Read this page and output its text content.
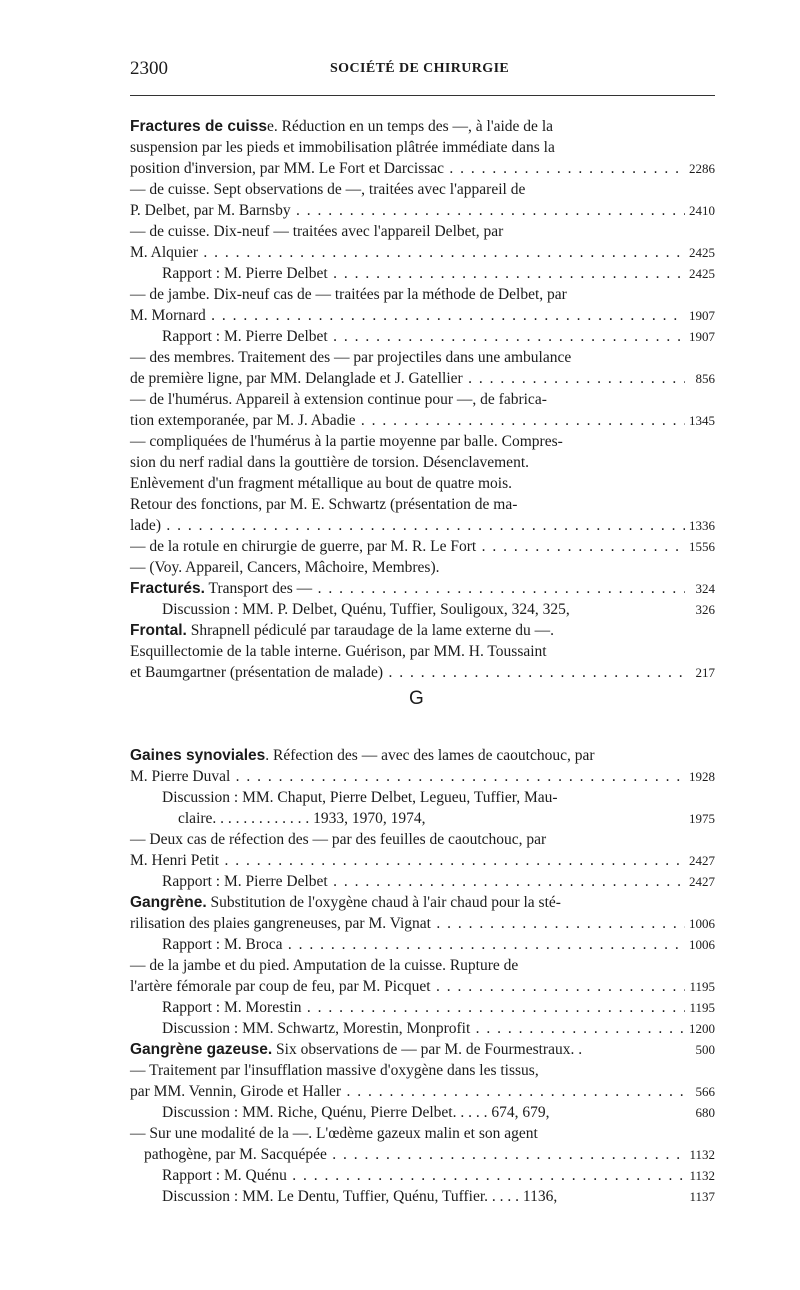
2300	SOCIÉTÉ DE CHIRURGIE
Fractures de cuisse. Réduction en un temps des —, à l'aide de la
suspension par les pieds et immobilisation plâtrée immédiate dans la
position d'inversion, par MM. Le Fort et Darcissac . . .	2286
— de cuisse. Sept observations de —, traitées avec l'appareil de
P. Delbet, par M. Barnsby . . .	2410
— de cuisse. Dix-neuf — traitées avec l'appareil Delbet, par
M. Alquier . . .	2425
Rapport : M. Pierre Delbet . . .	2425
— de jambe. Dix-neuf cas de — traitées par la méthode de Delbet, par
M. Mornard . . .	1907
Rapport : M. Pierre Delbet . . .	1907
— des membres. Traitement des — par projectiles dans une ambulance
de première ligne, par MM. Delanglade et J. Gatellier . . .	856
— de l'humérus. Appareil à extension continue pour —, de fabrica-
tion extemporanée, par M. J. Abadie . . .	1345
— compliquées de l'humérus à la partie moyenne par balle. Compres-
sion du nerf radial dans la gouttière de torsion. Désenclavement.
Enlèvement d'un fragment métallique au bout de quatre mois.
Retour des fonctions, par M. E. Schwartz (présentation de ma-
lade) . . .	1336
— de la rotule en chirurgie de guerre, par M. R. Le Fort . . .	1556
— (Voy. Appareil, Cancers, Mâchoire, Membres).
Fracturés. Transport des — . . .	324
Discussion : MM. P. Delbet, Quénu, Tuffier, Souligoux, 324, 325,	326
Frontal. Shrapnell pédiculé par taraudage de la lame externe du —.
Esquillectomie de la table interne. Guérison, par MM. H. Toussaint
et Baumgartner (présentation de malade) . . .	217
G
Gaines synoviales. Réfection des — avec des lames de caoutchouc, par
M. Pierre Duval . . .	1928
Discussion : MM. Chaput, Pierre Delbet, Legueu, Tuffier, Mau-
claire. . . . . . . . . . . . . 1933, 1970, 1974,	1975
— Deux cas de réfection des — par des feuilles de caoutchouc, par
M. Henri Petit . . .	2427
Rapport : M. Pierre Delbet . . .	2427
Gangrène. Substitution de l'oxygène chaud à l'air chaud pour la sté-
rilisation des plaies gangreneuses, par M. Vignat . . .	1006
Rapport : M. Broca . . .	1006
— de la jambe et du pied. Amputation de la cuisse. Rupture de
l'artère fémorale par coup de feu, par M. Picquet . . .	1195
Rapport : M. Morestin . . .	1195
Discussion : MM. Schwartz, Morestin, Monprofit . . .	1200
Gangrène gazeuse. Six observations de — par M. de Fourmestraux. .	500
— Traitement par l'insufflation massive d'oxygène dans les tissus,
par MM. Vennin, Girode et Haller . . .	566
Discussion : MM. Riche, Quénu, Pierre Delbet. . . . . 674, 679,	680
— Sur une modalité de la —. L'œdème gazeux malin et son agent
pathogène, par M. Sacquépée . . .	1132
Rapport : M. Quénu . . .	1132
Discussion : MM. Le Dentu, Tuffier, Quénu, Tuffier. . . . . 1136,	1137
